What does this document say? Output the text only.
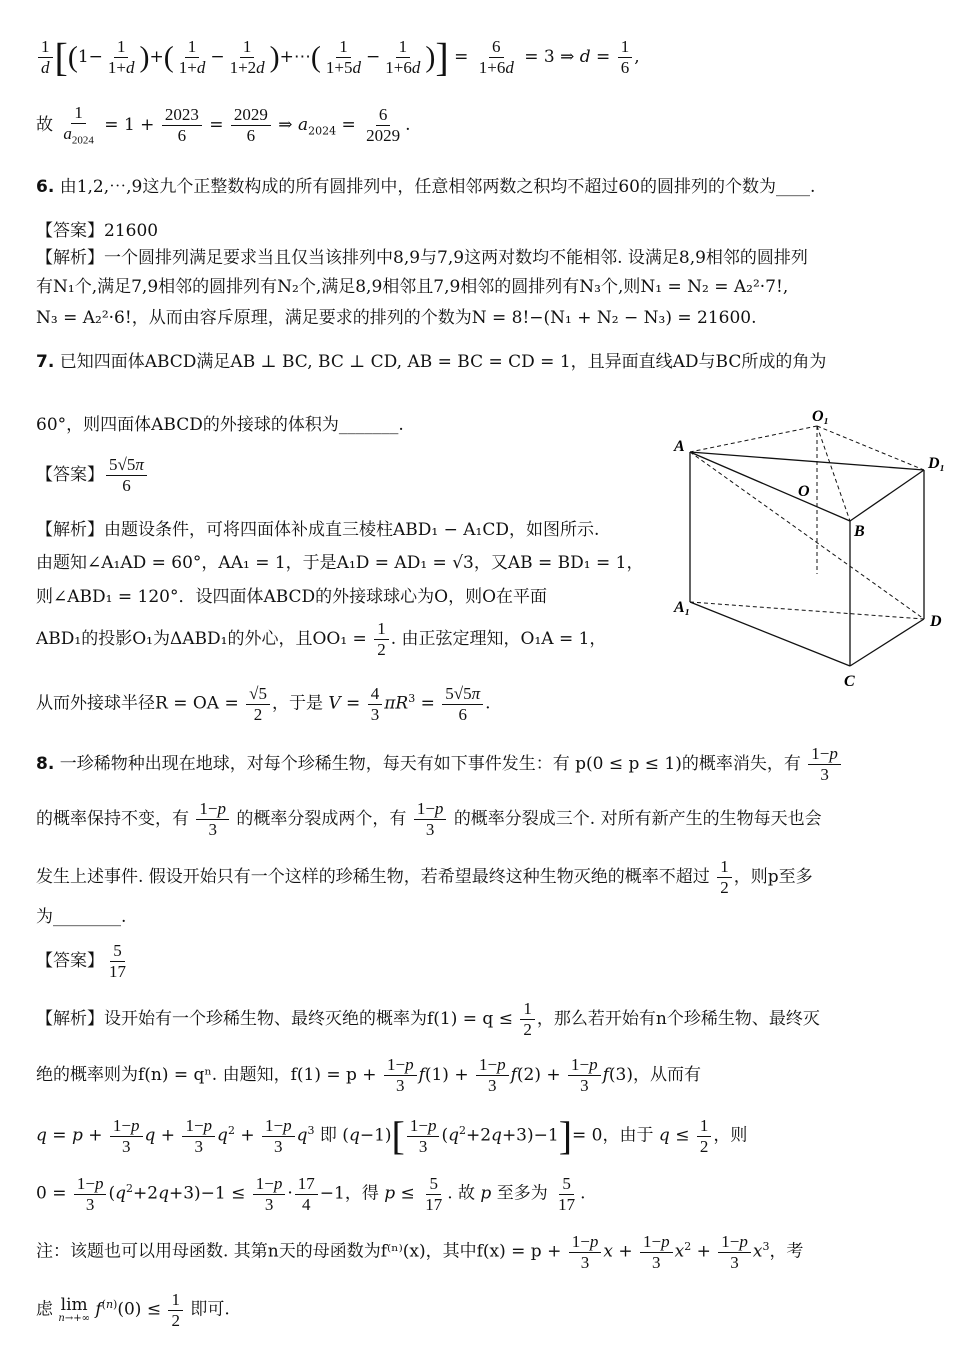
$\frac{1}{d} [(1- \frac{1}{1+d}$ )+( $\frac{1}{1+d} - \frac{1}{1+2d}$ )+⋯( $\frac{1}{1+5d} - \frac{1}{1+6d}$ )] = $\frac{6}{1+6d} = 3$ ⇒ $d = \frac{1}{6}$ ,
故 $\frac{1}{a_{2024}} = 1 + \frac{2023}{6} = \frac{2029}{6}$ ⇒ $a_{2024} = \frac{6}{2029}$ .
6. 由1,2,⋯,9这九个正整数构成的所有圆排列中，任意相邻两数之积均不超过60的圆排列的个数为____.
【答案】21600
【解析】一个圆排列满足要求当且仅当该排列中8,9与7,9这两对数均不能相邻. 设满足8,9相邻的圆排列
有N₁个,满足7,9相邻的圆排列有N₂个,满足8,9相邻且7,9相邻的圆排列有N₃个,则N₁ = N₂ = A₂²·7!,
N₃ = A₂²·6!，从而由容斥原理，满足要求的排列的个数为N = 8!−(N₁ + N₂ − N₃) = 21600.
7. 已知四面体ABCD满足AB ⊥ BC, BC ⊥ CD, AB = BC = CD = 1，且异面直线AD与BC所成的角为
60°，则四面体ABCD的外接球的体积为_______.
【答案】 $\frac{5√5\pi}{6}$
【解析】由题设条件，可将四面体补成直三棱柱ABD₁ − A₁CD，如图所示.
由题知∠A₁AD = 60°，AA₁ = 1，于是A₁D = AD₁ = √3，又AB = BD₁ = 1，
则∠ABD₁ = 120°．设四面体ABCD的外接球球心为O，则O在平面
ABD₁的投影O₁为ΔABD₁的外心，且$OO_1 = \frac{1}{2}$ . 由正弦定理知，O₁A = 1，
从而外接球半径R = OA = $\frac{√5}{2}$ ，于是 $V = \frac{4}{3} \pi R^3 = \frac{5√5\pi}{6}$ .
O₁
A
D₁
O
B
A₁
D
C
8. 一珍稀物种出现在地球，对每个珍稀生物，每天有如下事件发生：有 p(0 ≤ p ≤ 1)的概率消失，有 $\frac{1-p}{3}$
的概率保持不变，有 $\frac{1-p}{3}$ 的概率分裂成两个，有 $\frac{1-p}{3}$ 的概率分裂成三个. 对所有新产生的生物每天也会
发生上述事件. 假设开始只有一个这样的珍稀生物，若希望最终这种生物灭绝的概率不超过 $\frac{1}{2}$ ，则p至多
为________.
【答案】 $\frac{5}{17}$
【解析】设开始有一个珍稀生物、最终灭绝的概率为$f(1) = q \le \frac{1}{2}$ ，那么若开始有n个珍稀生物、最终灭
绝的概率则为f(n) = qⁿ. 由题知，$f(1) = p + \frac{1-p}{3} f(1) + \frac{1-p}{3} f(2) + \frac{1-p}{3} f(3)$，从而有
$q = p + \frac{1-p}{3}$ $q + \frac{1-p}{3} q^2 + \frac{1-p}{3} q^3$ 即 $(q-1)[ \frac{1-p}{3} (q^2+2q+3)-1]= 0$，由于 $q \le \frac{1}{2}$ ，则
$0 = \frac{1-p}{3} (q^2+2q+3)-1 \le \frac{1-p}{3} \cdot \frac{17}{4} -1$，得 $p \le \frac{5}{17}$ . 故 p 至多为 $\frac{5}{17}$ .
注：该题也可以用母函数. 其第n天的母函数为f⁽ⁿ⁾(x)，其中$f(x) = p + \frac{1-p}{3}$ $x + \frac{1-p}{3} x^2 + \frac{1-p}{3} x^3$，考
虑 lim
n→+∞ $f^{(n)}(0) \le \frac{1}{2}$ 即可.
